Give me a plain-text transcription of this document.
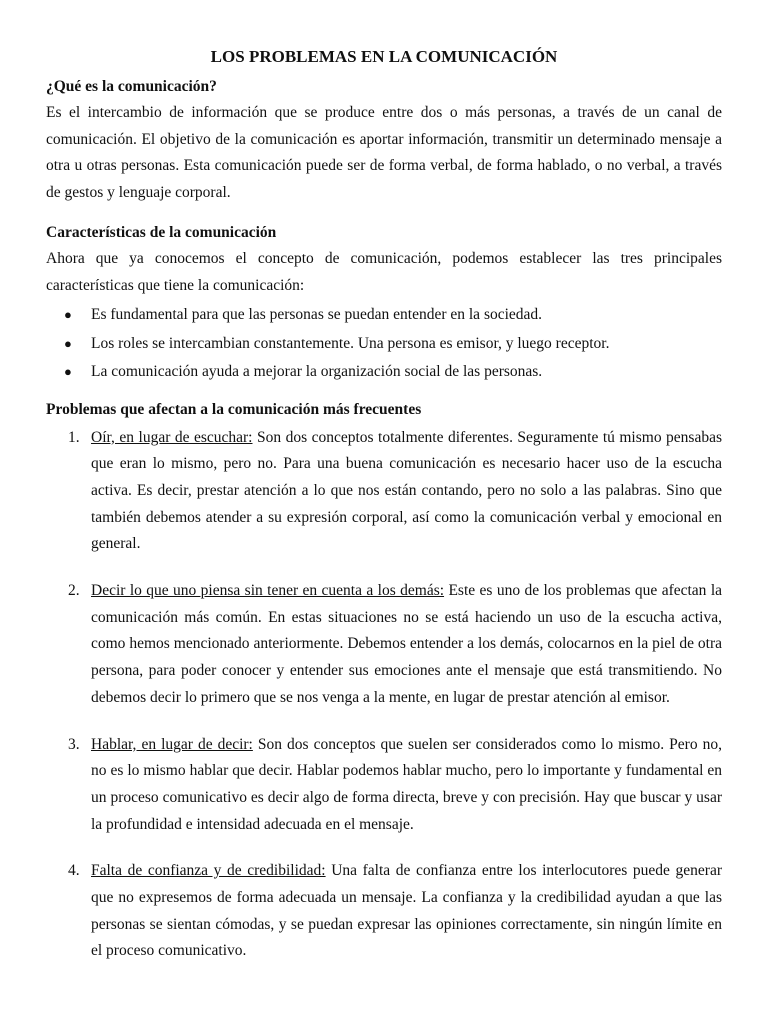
LOS PROBLEMAS EN LA COMUNICACIÓN

¿Qué es la comunicación?

Es el intercambio de información que se produce entre dos o más personas, a través de un canal de comunicación. El objetivo de la comunicación es aportar información, transmitir un determinado mensaje a otra u otras personas. Esta comunicación puede ser de forma verbal, de forma hablado, o no verbal, a través de gestos y lenguaje corporal.

Características de la comunicación

Ahora que ya conocemos el concepto de comunicación, podemos establecer las tres principales características que tiene la comunicación:

● Es fundamental para que las personas se puedan entender en la sociedad.
● Los roles se intercambian constantemente. Una persona es emisor, y luego receptor.
● La comunicación ayuda a mejorar la organización social de las personas.

Problemas que afectan a la comunicación más frecuentes

1. Oír, en lugar de escuchar: Son dos conceptos totalmente diferentes. Seguramente tú mismo pensabas que eran lo mismo, pero no. Para una buena comunicación es necesario hacer uso de la escucha activa. Es decir, prestar atención a lo que nos están contando, pero no solo a las palabras. Sino que también debemos atender a su expresión corporal, así como la comunicación verbal y emocional en general.
2. Decir lo que uno piensa sin tener en cuenta a los demás: Este es uno de los problemas que afectan la comunicación más común. En estas situaciones no se está haciendo un uso de la escucha activa, como hemos mencionado anteriormente. Debemos entender a los demás, colocarnos en la piel de otra persona, para poder conocer y entender sus emociones ante el mensaje que está transmitiendo. No debemos decir lo primero que se nos venga a la mente, en lugar de prestar atención al emisor.
3. Hablar, en lugar de decir: Son dos conceptos que suelen ser considerados como lo mismo. Pero no, no es lo mismo hablar que decir. Hablar podemos hablar mucho, pero lo importante y fundamental en un proceso comunicativo es decir algo de forma directa, breve y con precisión. Hay que buscar y usar la profundidad e intensidad adecuada en el mensaje.
4. Falta de confianza y de credibilidad: Una falta de confianza entre los interlocutores puede generar que no expresemos de forma adecuada un mensaje. La confianza y la credibilidad ayudan a que las personas se sientan cómodas, y se puedan expresar las opiniones correctamente, sin ningún límite en el proceso comunicativo.
